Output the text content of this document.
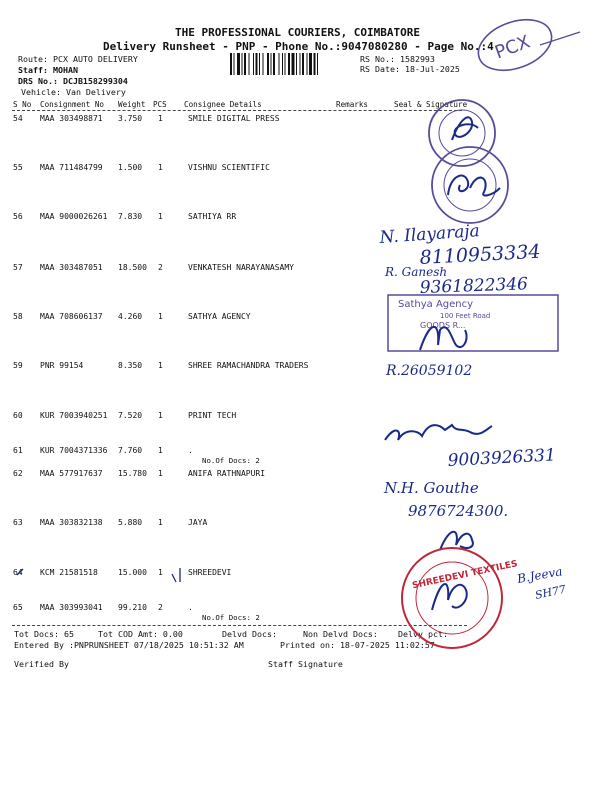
THE PROFESSIONAL COURIERS, COIMBATORE
Delivery Runsheet - PNP - Phone No.:9047080280 - Page No.:4
Route: PCX AUTO DELIVERY
Staff: MOHAN
DRS No.: DCJB158299304
Vehicle: Van Delivery
RS No.: 1582993
RS Date: 18-Jul-2025
S No Consignment No Weight PCS Consignee Details	Remarks	Seal & Signature
54 MAA 303498871 3.750 1	SMILE DIGITAL PRESS
55 MAA 711484799 1.500 1	VISHNU SCIENTIFIC
56 MAA 9000026261 7.830 1	SATHIYA RR
57 MAA 303487051 18.500 2	VENKATESH NARAYANASAMY
58 MAA 708606137 4.260 1	SATHYA AGENCY
59 PNR 99154	8.350 1	SHREE RAMACHANDRA TRADERS
60 KUR 7003940251 7.520 1	PRINT TECH
61 KUR 7004371336 7.760 1	.
No.Of Docs: 2
62 MAA 577917637 15.780 1	ANIFA RATHNAPURI
63 MAA 303832138 5.880 1	JAYA
64 KCM 21581518	15.000 1	SHREEDEVI
65 MAA 303993041 99.210 2	.
No.Of Docs: 2
Tot Docs: 65	Tot COD Amt: 0.00	Delvd Docs:	Non Delvd Docs: Delvy pct:
Entered By :PNPRUNSHEET 07/18/2025 10:51:32 AM	Printed on: 18-07-2025 11:02:57
Verified By	Staff Signature
PCX
N. Ilayaraja
8110953334
R. Ganesh
9361822346
Sathya Agency
100 Feet Road
GOODS R...
R.26059102
9003926331
N.H. Gouthe
9876724300.
SHREEDEVI TEXTILES
B.Jeeva
SH77
